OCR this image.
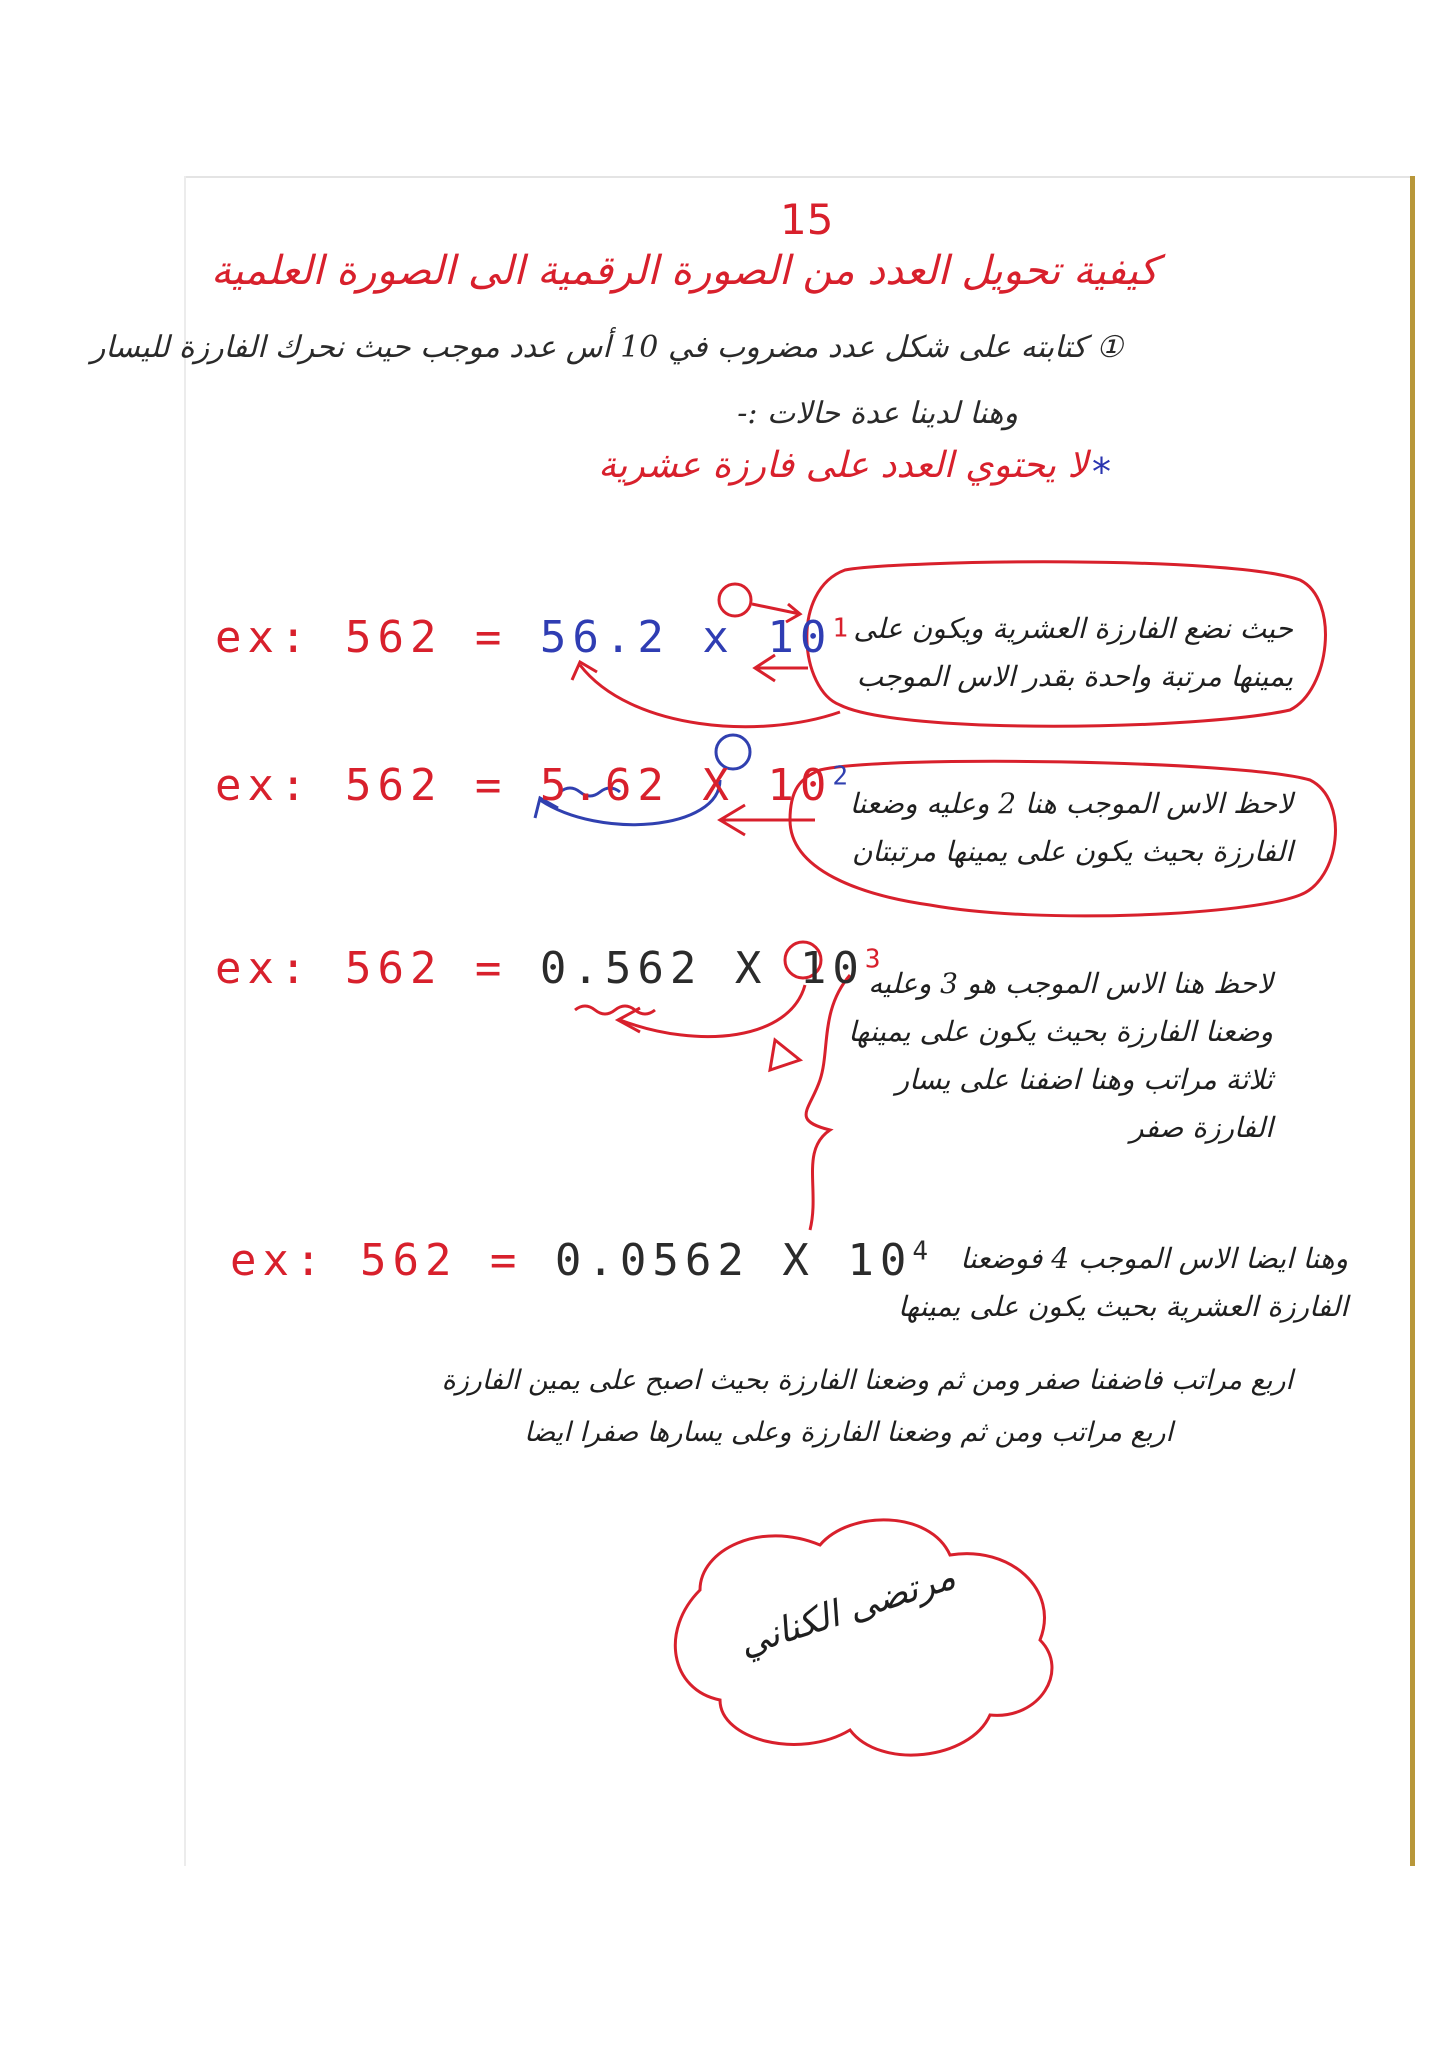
15
كيفية تحويل العدد من الصورة الرقمية الى الصورة العلمية
① كتابته على شكل عدد مضروب في 10 أس عدد موجب حيث نحرك الفارزة لليسار
وهنا لدينا عدة حالات :-
*
لا يحتوي العدد على فارزة عشرية
ex: 562 = 56.2 x $10^1$ حيث نضع الفارزة العشرية ويكون على
يمينها مرتبة واحدة بقدر الاس الموجب
ex: 562 = 5.62 X $10^2$
لاحظ الاس الموجب هنا 2 وعليه وضعنا
الفارزة بحيث يكون على يمينها مرتبتان
ex: 562 = 0.562 X $10^3$
لاحظ هنا الاس الموجب هو 3 وعليه
وضعنا الفارزة بحيث يكون على يمينها
ثلاثة مراتب وهنا اضفنا على يسار
الفارزة صفر
ex: 562 = 0.0562 X $10^4$ وهنا ايضا الاس الموجب 4 فوضعنا
الفارزة العشرية بحيث يكون على يمينها
اربع مراتب فاضفنا صفر ومن ثم وضعنا الفارزة بحيث اصبح على يمين الفارزة
اربع مراتب ومن ثم وضعنا الفارزة وعلى يسارها صفرا ايضا
مرتضى الكناني
